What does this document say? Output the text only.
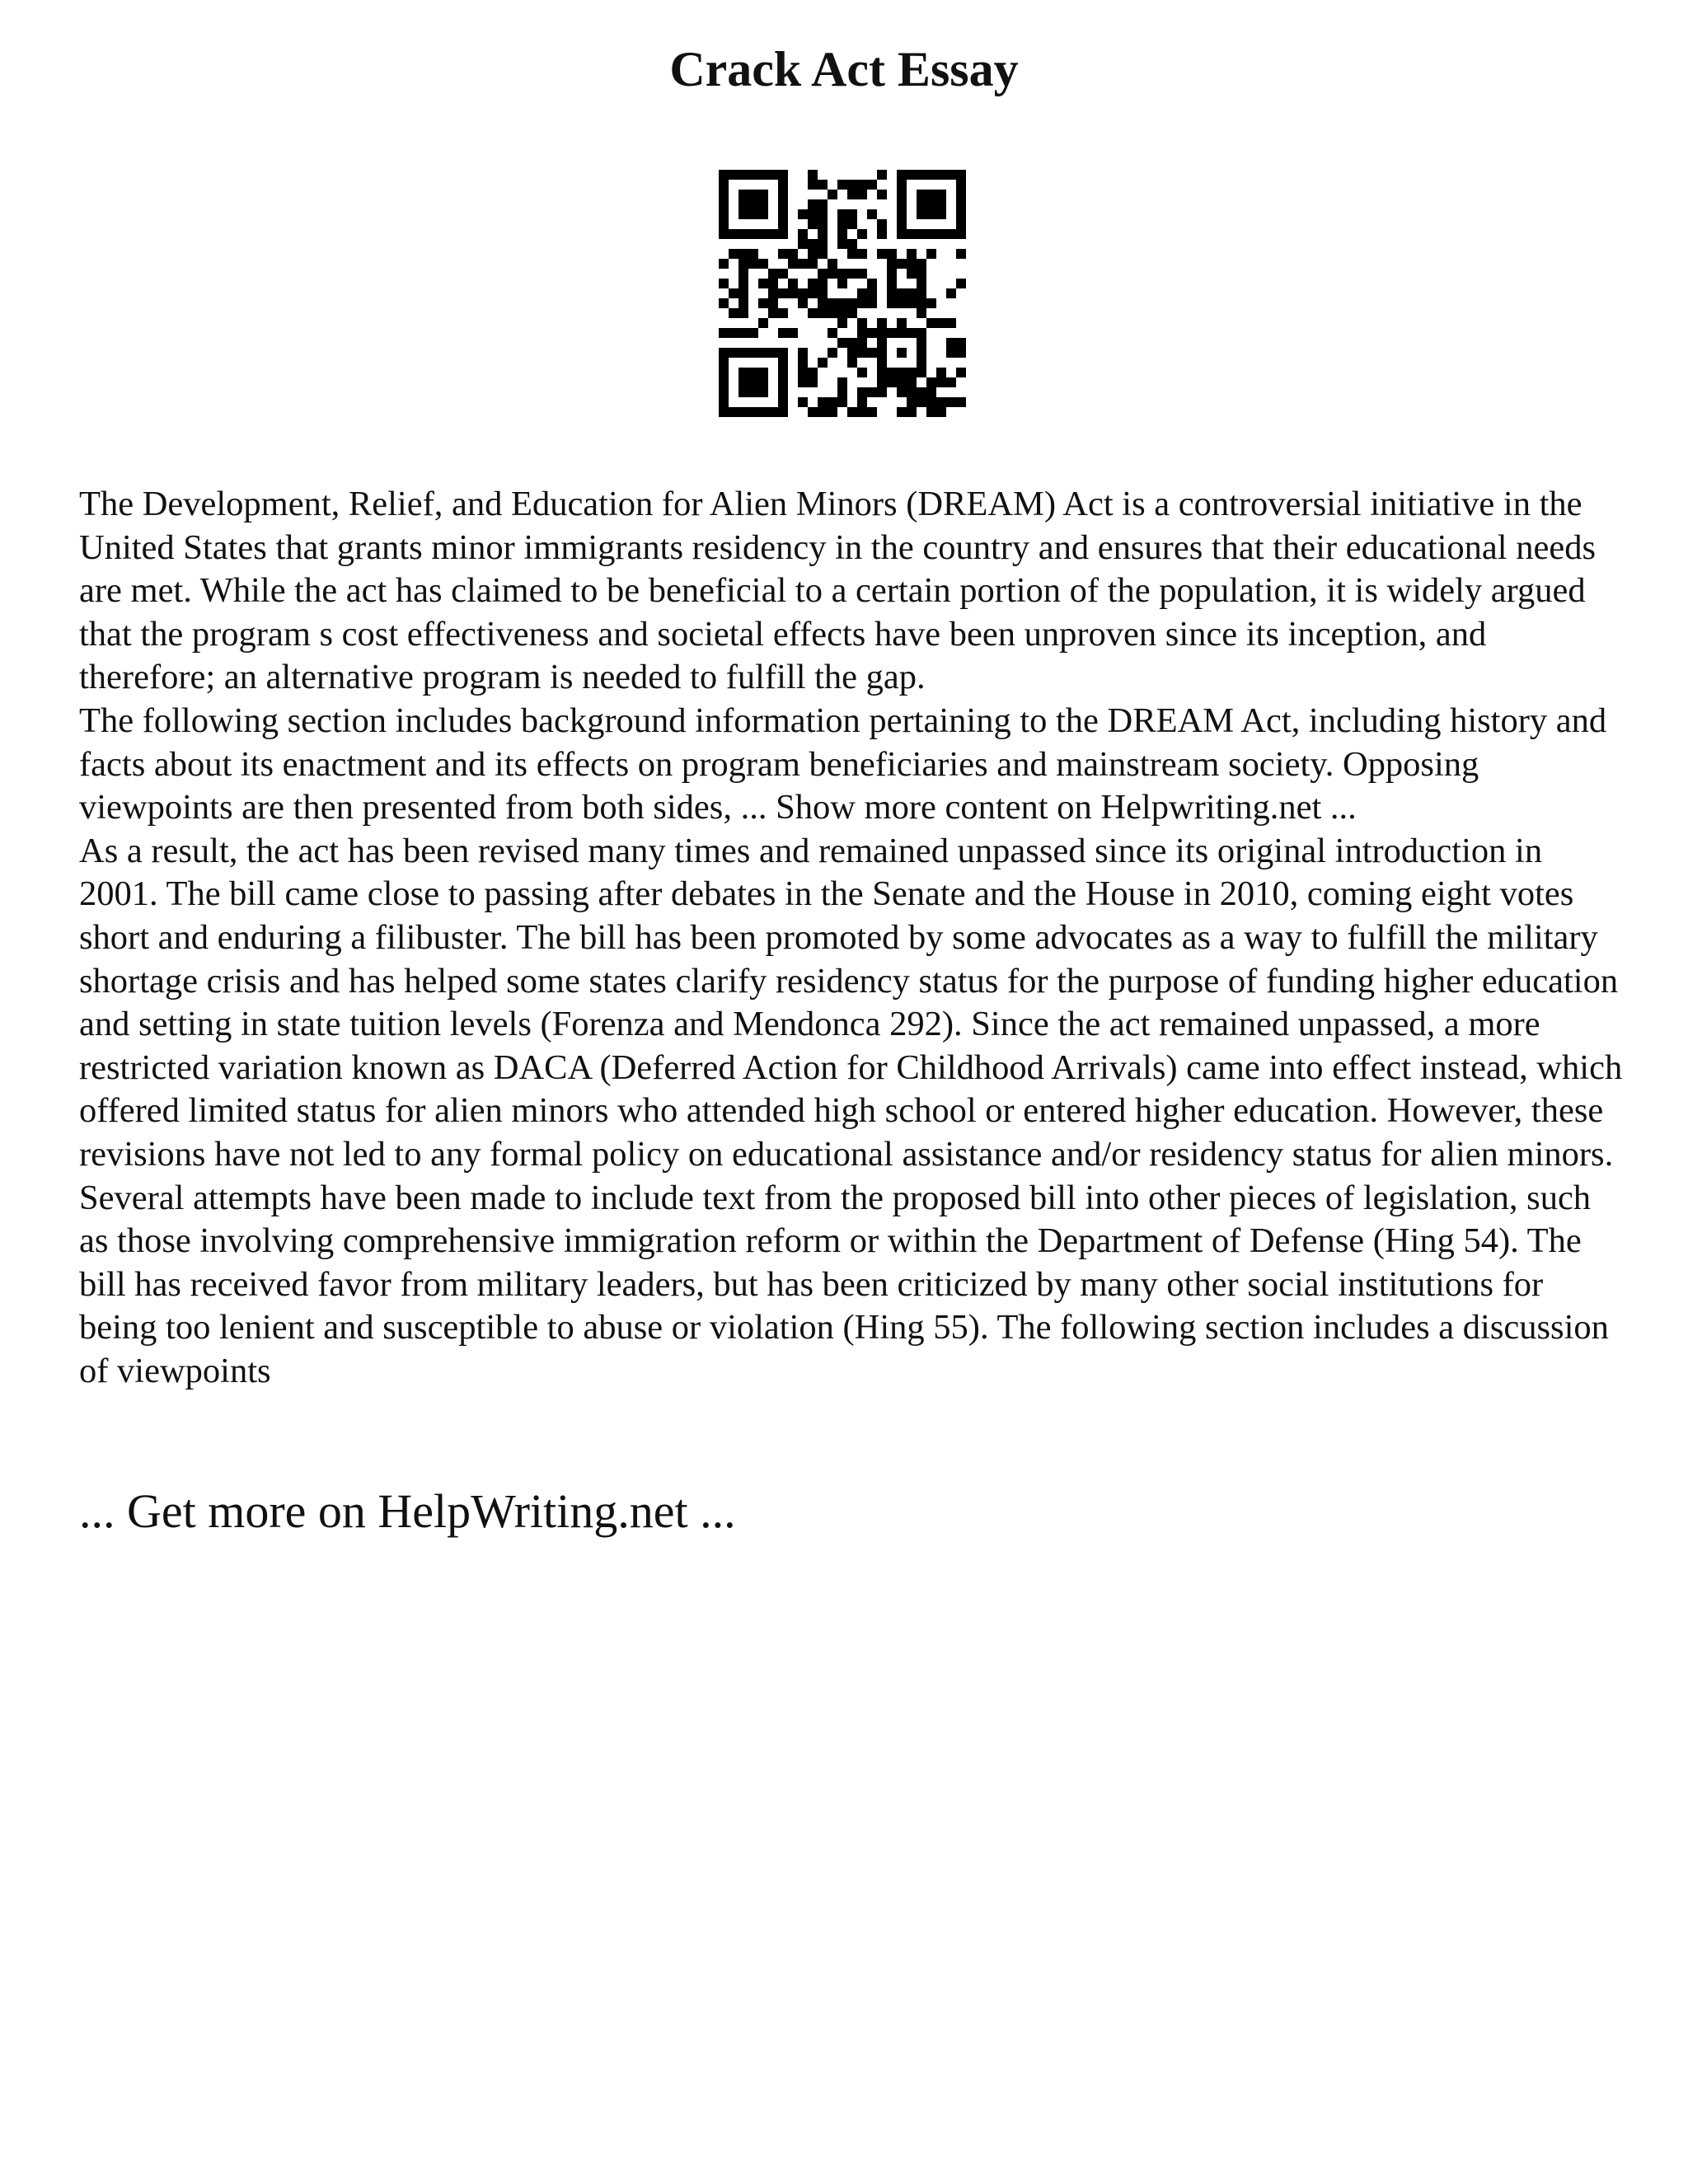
Crack Act Essay

The Development, Relief, and Education for Alien Minors (DREAM) Act is a controversial initiative in the United States that grants minor immigrants residency in the country and ensures that their educational needs are met. While the act has claimed to be beneficial to a certain portion of the population, it is widely argued that the program s cost effectiveness and societal effects have been unproven since its inception, and therefore; an alternative program is needed to fulfill the gap.

The following section includes background information pertaining to the DREAM Act, including history and facts about its enactment and its effects on program beneficiaries and mainstream society. Opposing viewpoints are then presented from both sides, ... Show more content on Helpwriting.net ...

As a result, the act has been revised many times and remained unpassed since its original introduction in 2001. The bill came close to passing after debates in the Senate and the House in 2010, coming eight votes short and enduring a filibuster. The bill has been promoted by some advocates as a way to fulfill the military shortage crisis and has helped some states clarify residency status for the purpose of funding higher education and setting in state tuition levels (Forenza and Mendonca 292). Since the act remained unpassed, a more restricted variation known as DACA (Deferred Action for Childhood Arrivals) came into effect instead, which offered limited status for alien minors who attended high school or entered higher education. However, these revisions have not led to any formal policy on educational assistance and/or residency status for alien minors. Several attempts have been made to include text from the proposed bill into other pieces of legislation, such as those involving comprehensive immigration reform or within the Department of Defense (Hing 54). The bill has received favor from military leaders, but has been criticized by many other social institutions for being too lenient and susceptible to abuse or violation (Hing 55). The following section includes a discussion of viewpoints

... Get more on HelpWriting.net ...
